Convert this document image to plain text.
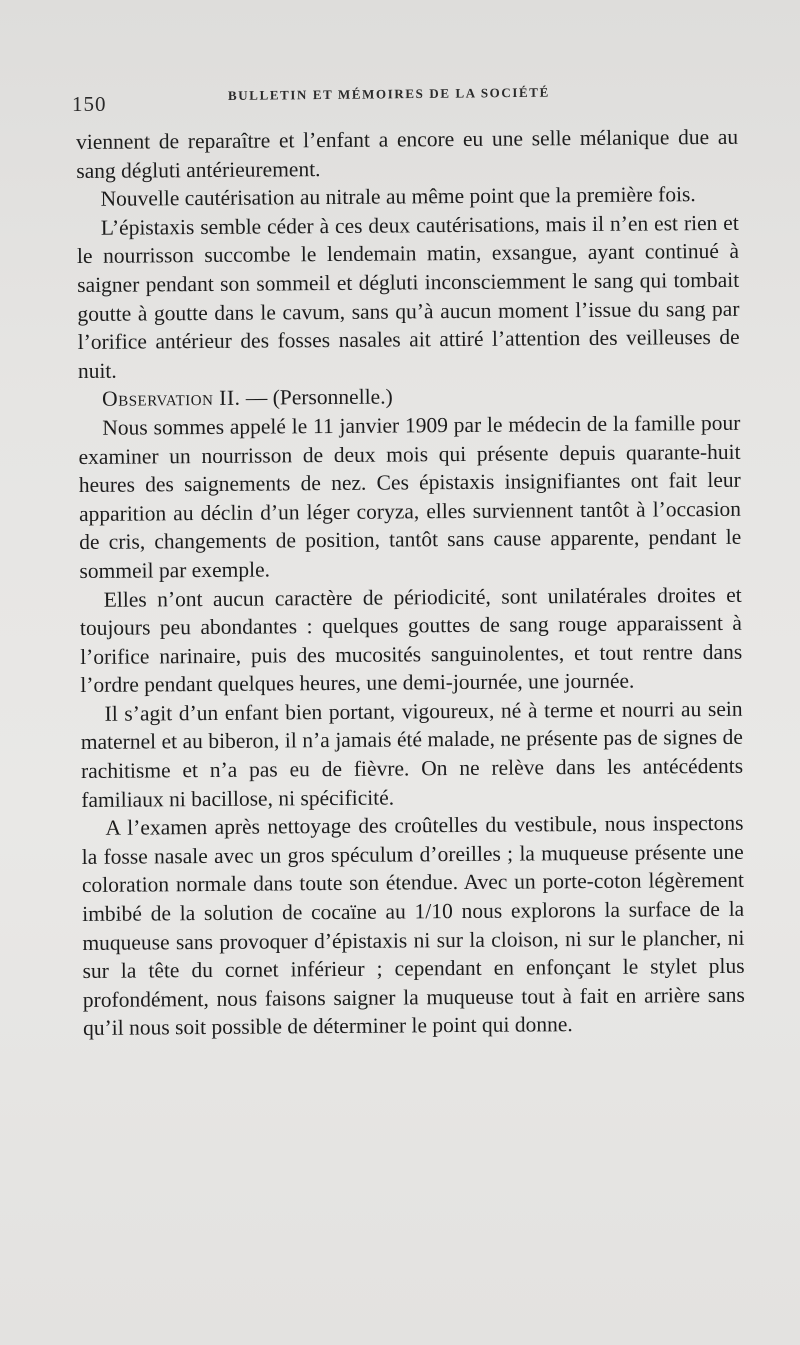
150	BULLETIN ET MÉMOIRES DE LA SOCIÉTÉ

viennent de reparaître et l’enfant a encore eu une selle mélanique due au sang dégluti antérieurement.

Nouvelle cautérisation au nitrale au même point que la première fois.

L’épistaxis semble céder à ces deux cautérisations, mais il n’en est rien et le nourrisson succombe le lendemain matin, exsangue, ayant continué à saigner pendant son sommeil et dégluti inconsciemment le sang qui tombait goutte à goutte dans le cavum, sans qu’à aucun moment l’issue du sang par l’orifice antérieur des fosses nasales ait attiré l’attention des veilleuses de nuit.

Observation II. — (Personnelle.)

Nous sommes appelé le 11 janvier 1909 par le médecin de la famille pour examiner un nourrisson de deux mois qui présente depuis quarante-huit heures des saignements de nez. Ces épistaxis insignifiantes ont fait leur apparition au déclin d’un léger coryza, elles surviennent tantôt à l’occasion de cris, changements de position, tantôt sans cause apparente, pendant le sommeil par exemple.

Elles n’ont aucun caractère de périodicité, sont unilatérales droites et toujours peu abondantes : quelques gouttes de sang rouge apparaissent à l’orifice narinaire, puis des mucosités sanguinolentes, et tout rentre dans l’ordre pendant quelques heures, une demi-journée, une journée.

Il s’agit d’un enfant bien portant, vigoureux, né à terme et nourri au sein maternel et au biberon, il n’a jamais été malade, ne présente pas de signes de rachitisme et n’a pas eu de fièvre. On ne relève dans les antécédents familiaux ni bacillose, ni spécificité.

A l’examen après nettoyage des croûtelles du vestibule, nous inspectons la fosse nasale avec un gros spéculum d’oreilles ; la muqueuse présente une coloration normale dans toute son étendue. Avec un porte-coton légèrement imbibé de la solution de cocaïne au 1/10 nous explorons la surface de la muqueuse sans provoquer d’épistaxis ni sur la cloison, ni sur le plancher, ni sur la tête du cornet inférieur ; cependant en enfonçant le stylet plus profondément, nous faisons saigner la muqueuse tout à fait en arrière sans qu’il nous soit possible de déterminer le point qui donne.
